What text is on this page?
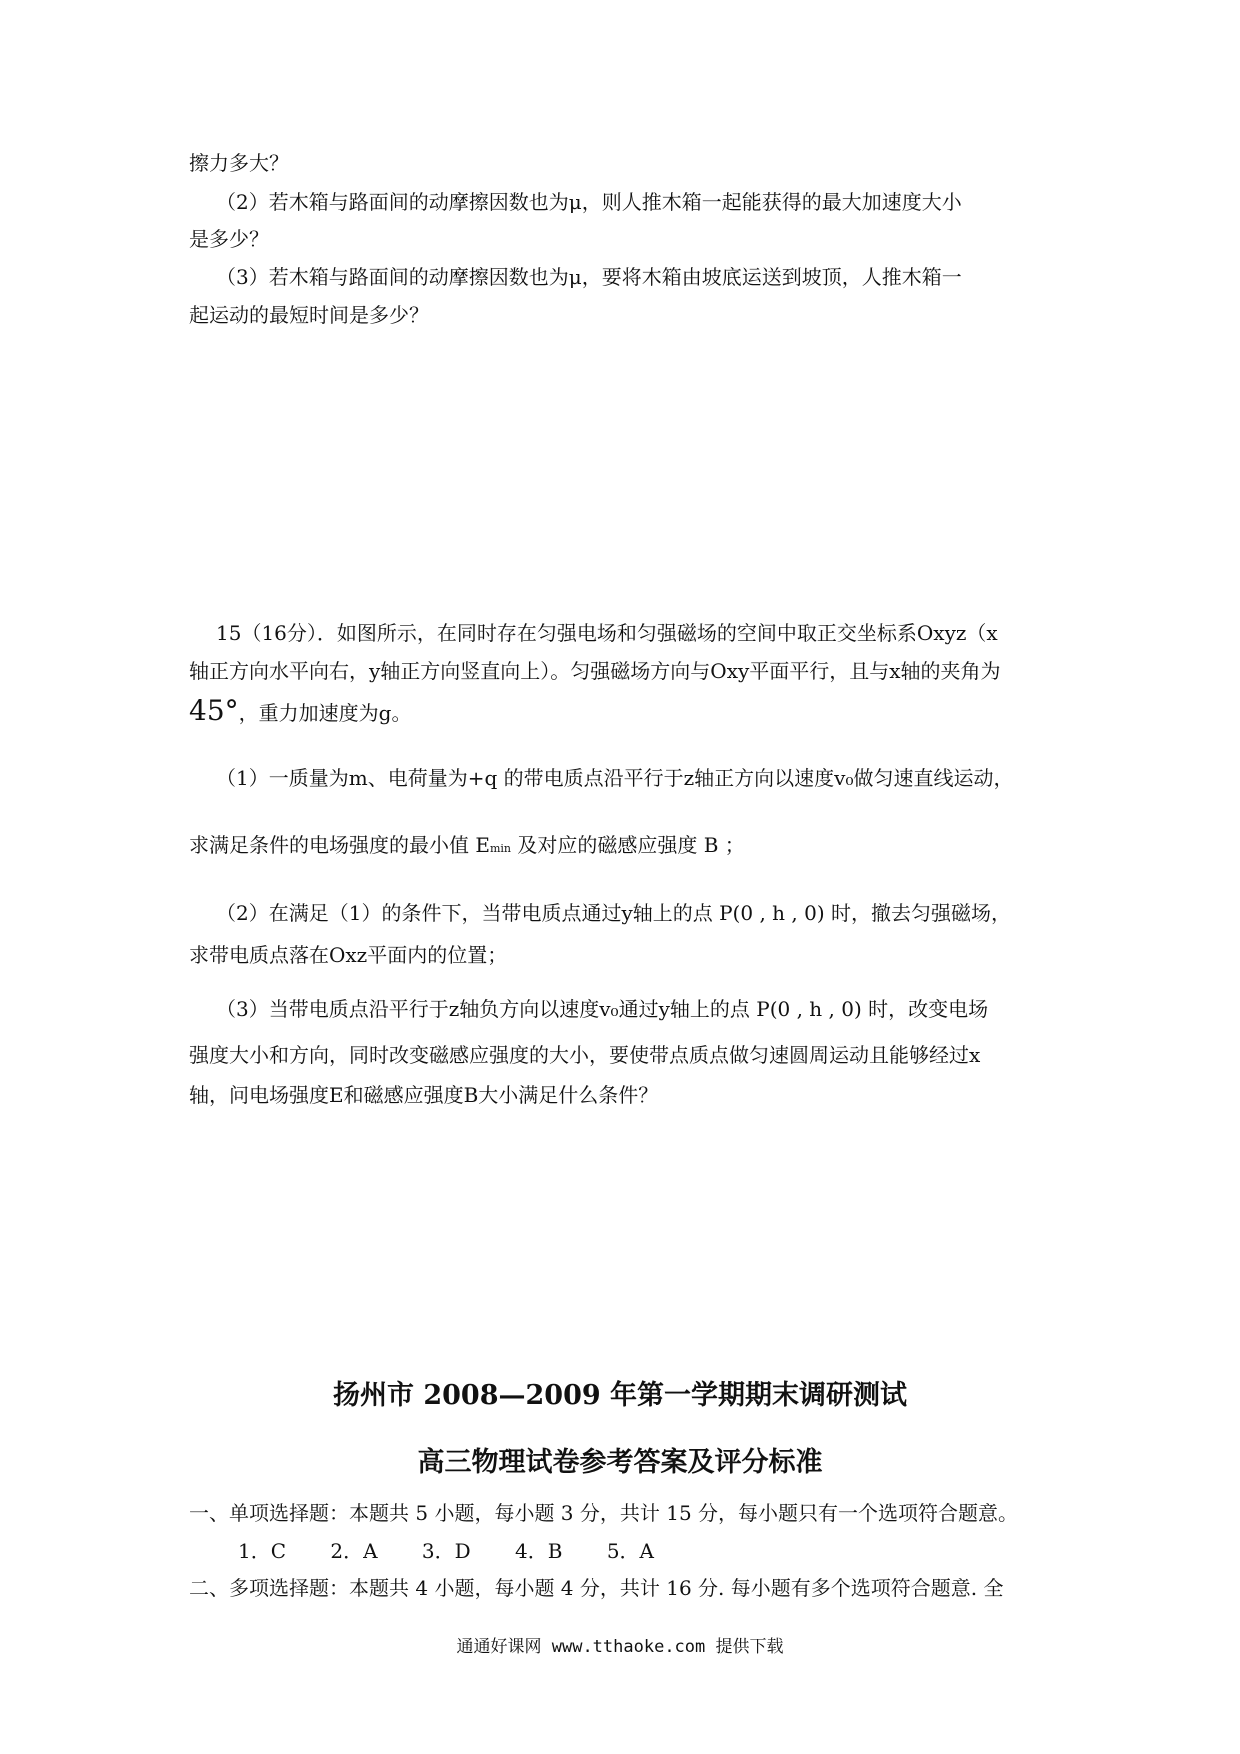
擦力多大？
（2）若木箱与路面间的动摩擦因数也为μ，则人推木箱一起能获得的最大加速度大小
是多少？
（3）若木箱与路面间的动摩擦因数也为μ，要将木箱由坡底运送到坡顶，人推木箱一
起运动的最短时间是多少？
15（16分）．如图所示，在同时存在匀强电场和匀强磁场的空间中取正交坐标系Oxyz（x
轴正方向水平向右，y轴正方向竖直向上）。匀强磁场方向与Oxy平面平行，且与x轴的夹角为
45°，重力加速度为g。
（1）一质量为m、电荷量为+q 的带电质点沿平行于z轴正方向以速度v₀做匀速直线运动，
求满足条件的电场强度的最小值 Emin 及对应的磁感应强度 B ；
（2）在满足（1）的条件下，当带电质点通过y轴上的点 P(0 , h , 0) 时，撤去匀强磁场，
求带电质点落在Oxz平面内的位置；
（3）当带电质点沿平行于z轴负方向以速度v₀通过y轴上的点 P(0 , h , 0) 时，改变电场
强度大小和方向，同时改变磁感应强度的大小，要使带点质点做匀速圆周运动且能够经过x
轴，问电场强度E和磁感应强度B大小满足什么条件？
扬州市 2008—2009 年第一学期期末调研测试
高三物理试卷参考答案及评分标准
一、单项选择题：本题共 5 小题，每小题 3 分，共计 15 分，每小题只有一个选项符合题意。
1．C 2．A 3．D 4．B 5．A
二、多项选择题：本题共 4 小题，每小题 4 分，共计 16 分. 每小题有多个选项符合题意. 全
通通好课网 www.tthaoke.com 提供下载
